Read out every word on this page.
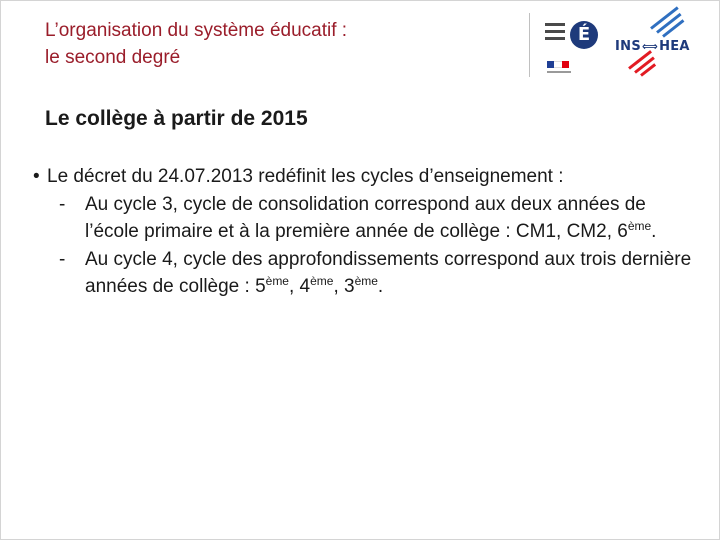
L’organisation du système éducatif :
le second degré
É
INS⟺HEA
Le collège à partir de 2015
• Le décret du 24.07.2013 redéfinit les cycles d’enseignement :
- Au cycle 3, cycle de consolidation correspond aux deux années de l’école primaire et à la première année de collège : CM1, CM2, 6ème.
- Au cycle 4, cycle des approfondissements correspond aux trois dernière années de collège : 5ème, 4ème, 3ème.
